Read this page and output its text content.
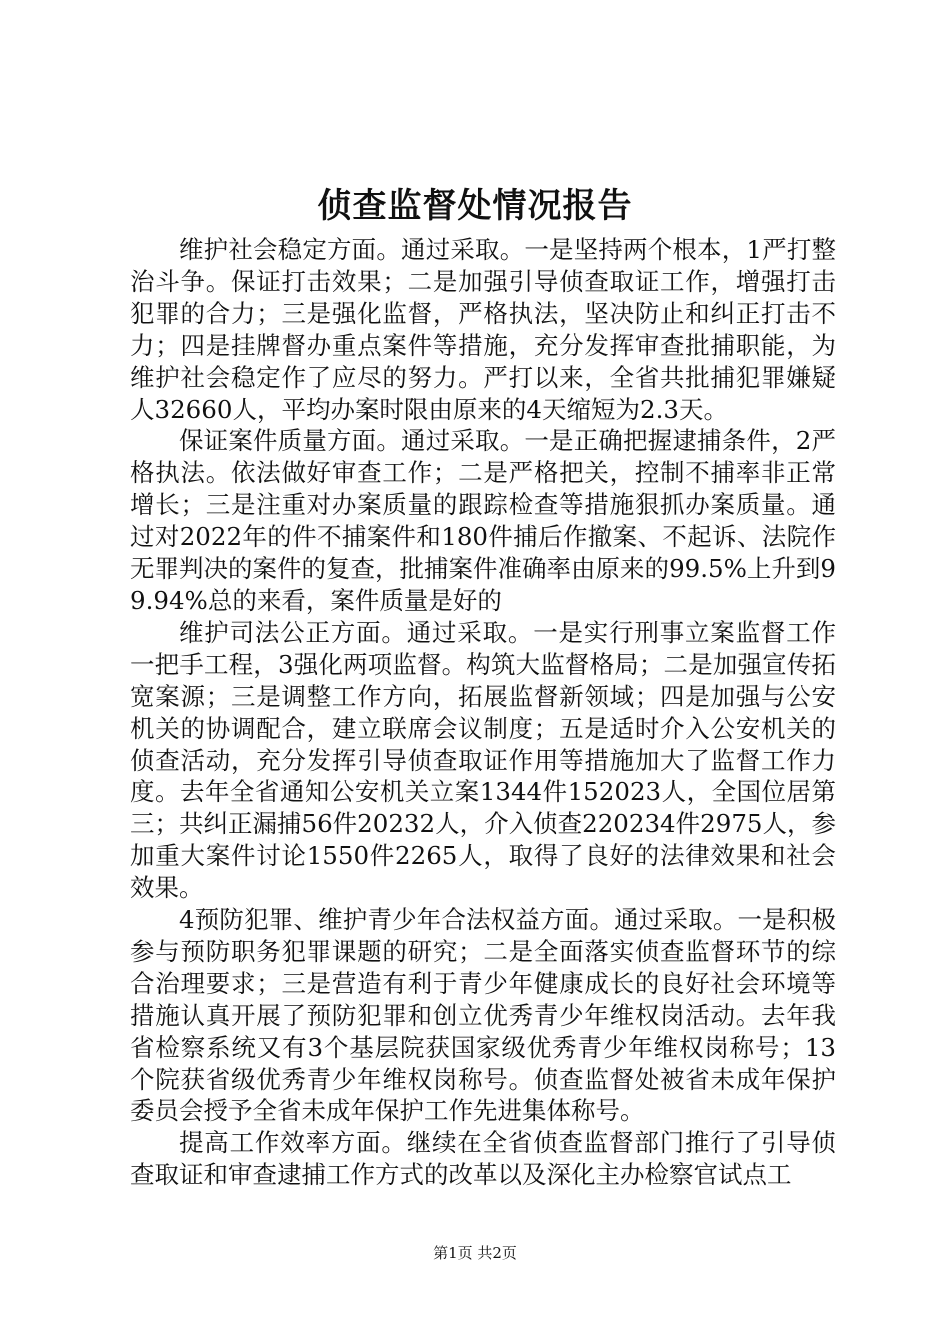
侦查监督处情况报告

维护社会稳定方面。通过采取。一是坚持两个根本，1严打整治斗争。保证打击效果；二是加强引导侦查取证工作，增强打击犯罪的合力；三是强化监督，严格执法，坚决防止和纠正打击不力；四是挂牌督办重点案件等措施，充分发挥审查批捕职能，为维护社会稳定作了应尽的努力。严打以来，全省共批捕犯罪嫌疑人32660人，平均办案时限由原来的4天缩短为2.3天。

保证案件质量方面。通过采取。一是正确把握逮捕条件，2严格执法。依法做好审查工作；二是严格把关，控制不捕率非正常增长；三是注重对办案质量的跟踪检查等措施狠抓办案质量。通过对2022年的件不捕案件和180件捕后作撤案、不起诉、法院作无罪判决的案件的复查，批捕案件准确率由原来的99.5%上升到99.94%总的来看，案件质量是好的

维护司法公正方面。通过采取。一是实行刑事立案监督工作一把手工程，3强化两项监督。构筑大监督格局；二是加强宣传拓宽案源；三是调整工作方向，拓展监督新领域；四是加强与公安机关的协调配合，建立联席会议制度；五是适时介入公安机关的侦查活动，充分发挥引导侦查取证作用等措施加大了监督工作力度。去年全省通知公安机关立案1344件152023人，全国位居第三；共纠正漏捕56件20232人，介入侦查220234件2975人，参加重大案件讨论1550件2265人，取得了良好的法律效果和社会效果。

4预防犯罪、维护青少年合法权益方面。通过采取。一是积极参与预防职务犯罪课题的研究；二是全面落实侦查监督环节的综合治理要求；三是营造有利于青少年健康成长的良好社会环境等措施认真开展了预防犯罪和创立优秀青少年维权岗活动。去年我省检察系统又有3个基层院获国家级优秀青少年维权岗称号；13个院获省级优秀青少年维权岗称号。侦查监督处被省未成年保护委员会授予全省未成年保护工作先进集体称号。

提高工作效率方面。继续在全省侦查监督部门推行了引导侦查取证和审查逮捕工作方式的改革以及深化主办检察官试点工

第1页 共2页
